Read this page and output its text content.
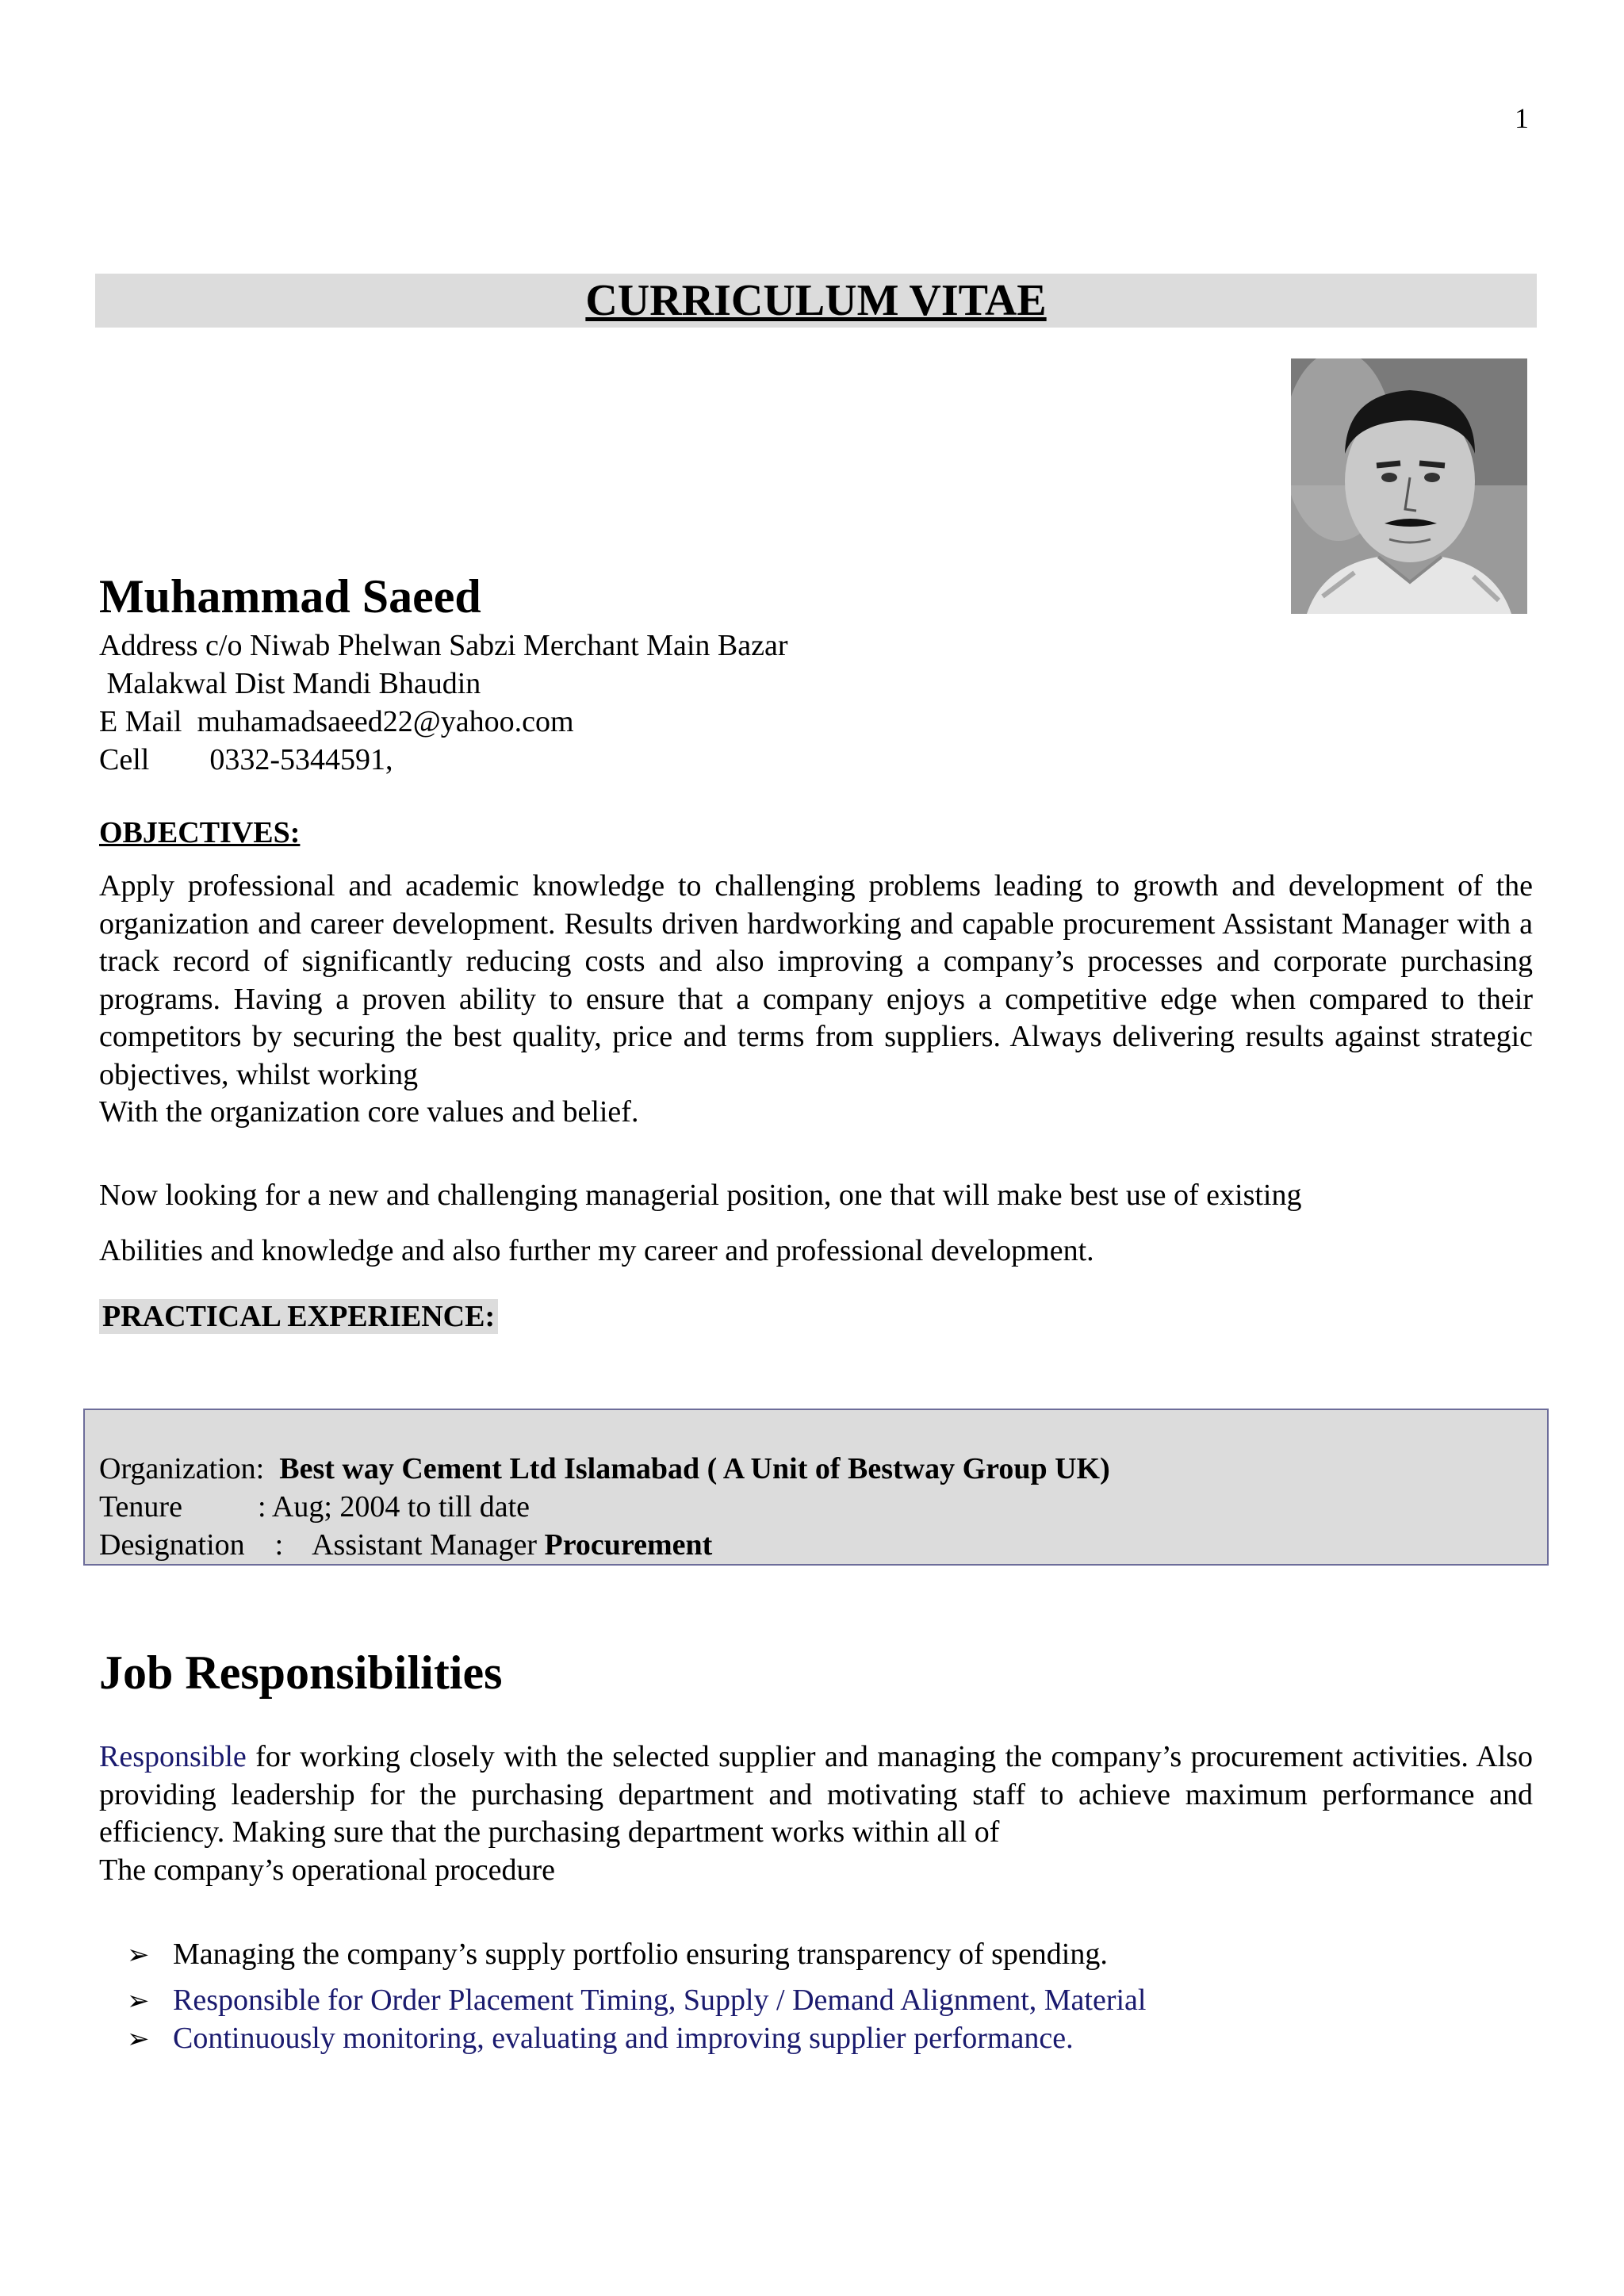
1
CURRICULUM VITAE
Muhammad Saeed
Address c/o Niwab Phelwan Sabzi Merchant Main Bazar
Malakwal Dist Mandi Bhaudin
E Mail muhamadsaeed22@yahoo.com
Cell 0332-5344591,
OBJECTIVES:
Apply professional and academic knowledge to challenging problems leading to growth and development of the organization and career development. Results driven hardworking and capable procurement Assistant Manager with a track record of significantly reducing costs and also improving a company’s processes and corporate purchasing programs. Having a proven ability to ensure that a company enjoys a competitive edge when compared to their competitors by securing the best quality, price and terms from suppliers. Always delivering results against strategic objectives, whilst working
With the organization core values and belief.
Now looking for a new and challenging managerial position, one that will make best use of existing
Abilities and knowledge and also further my career and professional development.
PRACTICAL EXPERIENCE:
Organization: Best way Cement Ltd Islamabad ( A Unit of Bestway Group UK)
Tenure	: Aug; 2004 to till date
Designation : Assistant Manager Procurement
Job Responsibilities
Responsible for working closely with the selected supplier and managing the company’s procurement activities. Also providing leadership for the purchasing department and motivating staff to achieve maximum performance and efficiency. Making sure that the purchasing department works within all of
The company’s operational procedure
➢ Managing the company’s supply portfolio ensuring transparency of spending.
➢ Responsible for Order Placement Timing, Supply / Demand Alignment, Material
➢ Continuously monitoring, evaluating and improving supplier performance.
